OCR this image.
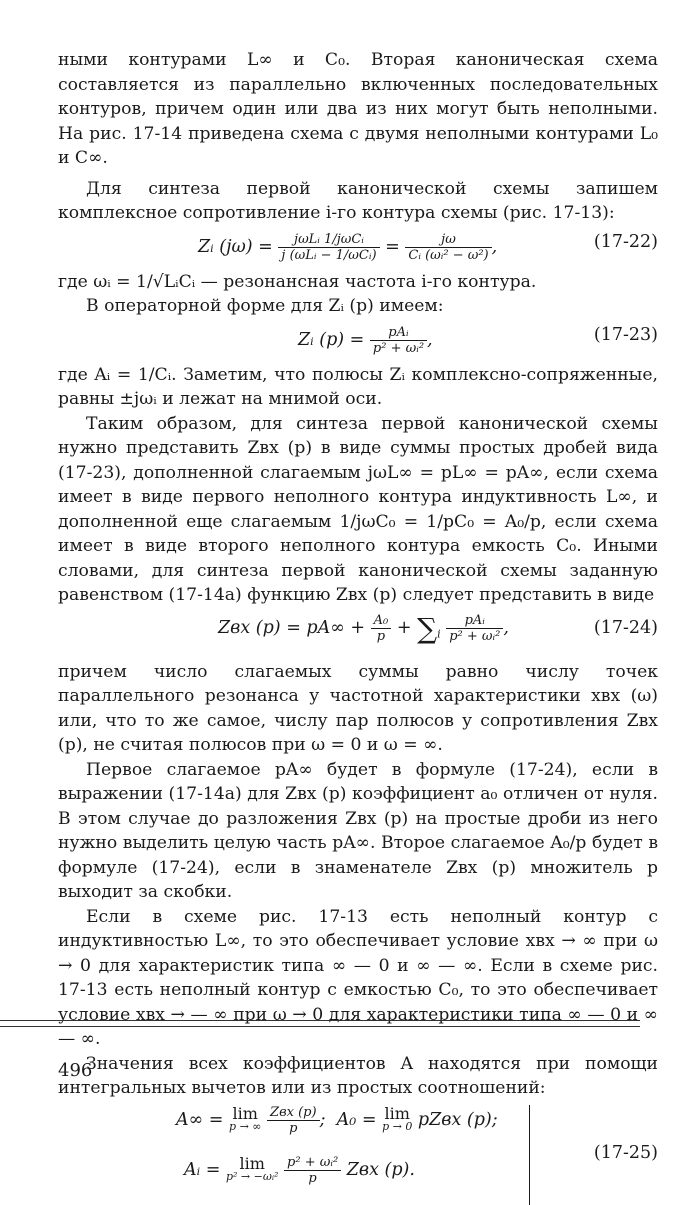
ными контурами L∞ и C₀. Вторая каноническая схема составляется из параллельно включенных последовательных контуров, причем один или два из них могут быть неполными. На рис. 17-14 приведена схема с двумя неполными контурами L₀ и C∞.

Для синтеза первой канонической схемы запишем комплексное сопротивление i-го контура схемы (рис. 17-13):

Zᵢ $(j\omega) = \frac{\text{jωLᵢ 1/jωCᵢ}}{\text{j (ωLᵢ − 1/ωCᵢ)}} = \frac{j\omega}{\text{Cᵢ (ωᵢ² − ω²)}}$ ,	(17-22)

где ωᵢ = 1/√LᵢCᵢ — резонансная частота i-го контура.

В операторной форме для Zᵢ (p) имеем:

Zᵢ $(p) = \frac{\text{pAᵢ}}{\text{p² + ωᵢ²}}$ ,	(17-23)

где Aᵢ = 1/Cᵢ. Заметим, что полюсы Zᵢ комплексно-сопряженные, равны ±jωᵢ и лежат на мнимой оси.

Таким образом, для синтеза первой канонической схемы нужно представить Zвх (p) в виде суммы простых дробей вида (17-23), дополненной слагаемым jωL∞ = pL∞ = pA∞, если схема имеет в виде первого неполного контура индуктивность L∞, и дополненной еще слагаемым 1/jωC₀ = 1/pC₀ = A₀/p, если схема имеет в виде второго неполного контура емкость C₀. Иными словами, для синтеза первой канонической схемы заданную равенством (17-14а) функцию Zвх (p) следует представить в виде

Zвх $(p) = pA\infty + \frac{\text{A₀}}{p} + \sum_i \frac{\text{pAᵢ}}{\text{p² + ωᵢ²}}$ ,	(17-24)

причем число слагаемых суммы равно числу точек параллельного резонанса у частотной характеристики xвх (ω) или, что то же самое, числу пар полюсов у сопротивления Zвх (p), не считая полюсов при ω = 0 и ω = ∞.

Первое слагаемое pA∞ будет в формуле (17-24), если в выражении (17-14а) для Zвх (p) коэффициент a₀ отличен от нуля. В этом случае до разложения Zвх (p) на простые дроби из него нужно выделить целую часть pA∞. Второе слагаемое A₀/p будет в формуле (17-24), если в знаменателе Zвх (p) множитель p выходит за скобки.

Если в схеме рис. 17-13 есть неполный контур с индуктивностью L∞, то это обеспечивает условие xвх → ∞ при ω → 0 для характеристик типа ∞ — 0 и ∞ — ∞. Если в схеме рис. 17-13 есть неполный контур с емкостью C₀, то это обеспечивает условие xвх → — ∞ при ω → 0 для характеристики типа ∞ — 0 и ∞ — ∞.

Значения всех коэффициентов A находятся при помощи интегральных вычетов или из простых соотношений:

A∞ = lim
p → ∞
$\frac{\text{Zвх (p)}}{p}$ ; A₀ = lim
p → 0 pZвх (p);
Aᵢ =	lim
p² → −ωᵢ²
$\frac{\text{p² + ωᵢ²}}{p}$ Zвх (p).
(17-25)
496
